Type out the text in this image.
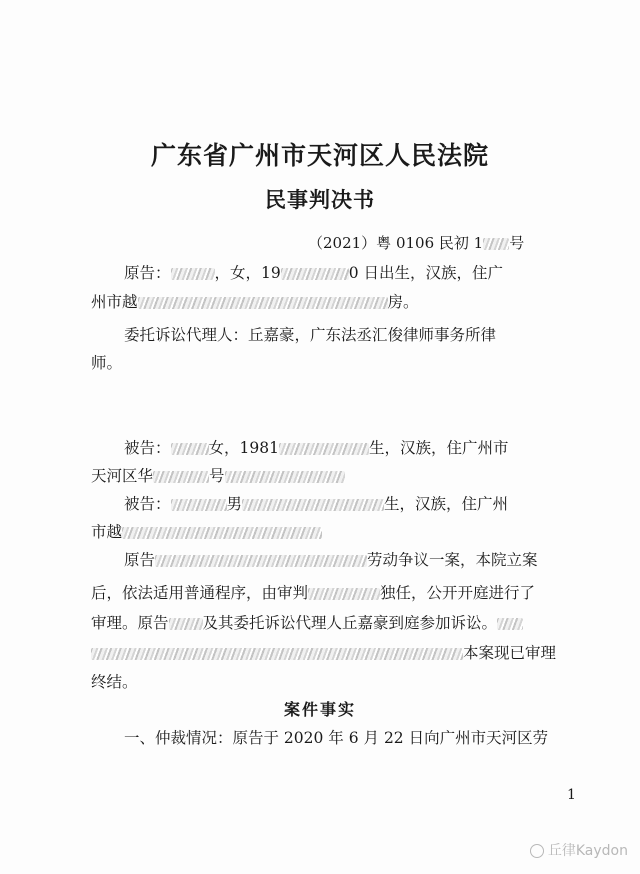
广东省广州市天河区人民法院
民事判决书
（2021）粤 0106 民初 1 号
原告：	，女，19	0 日出生，汉族，住广
州市越	房。
委托诉讼代理人：丘嘉豪，广东法丞汇俊律师事务所律
师。
被告： 女，1981	生，汉族，住广州市
天河区华	号
被告：	男	生，汉族，住广州
市越
原告	劳动争议一案，本院立案
后，依法适用普通程序，由审判	独任，公开开庭进行了
审理。原告 及其委托诉讼代理人丘嘉豪到庭参加诉讼。
本案现已审理
终结。
案件事实
一、仲裁情况：原告于 2020 年 6 月 22 日向广州市天河区劳
1
丘律Kaydon
